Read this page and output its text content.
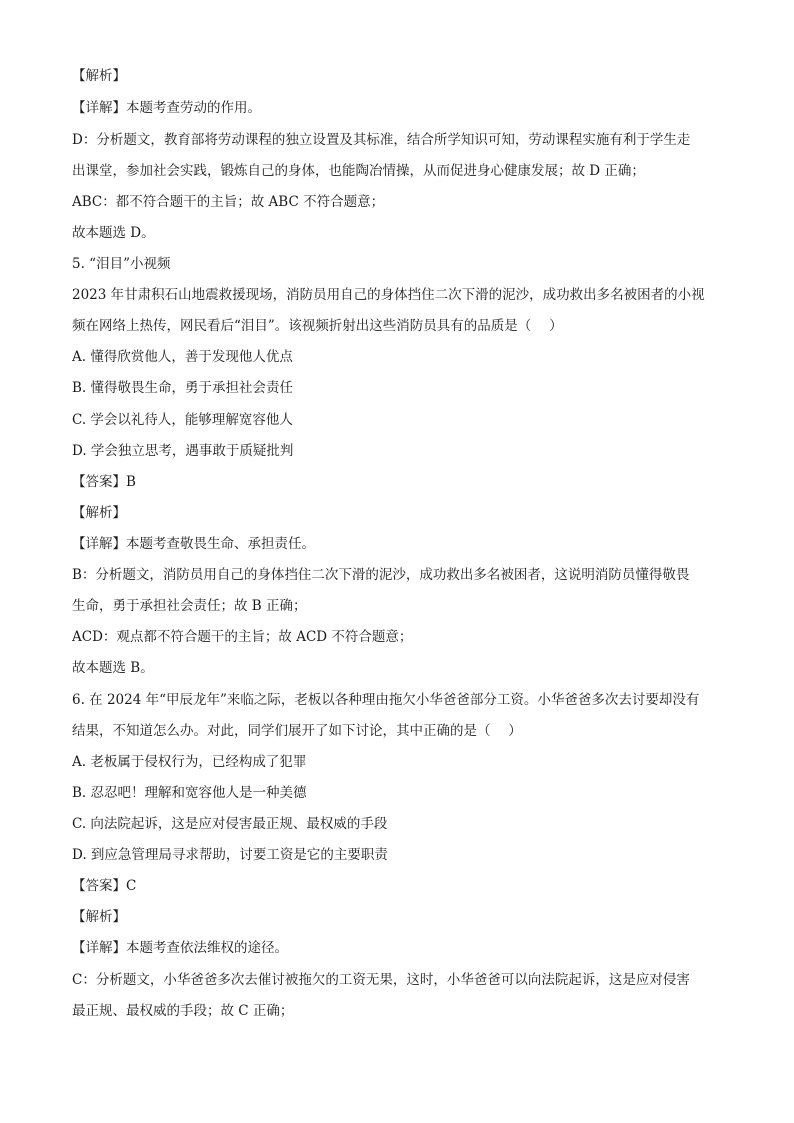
【解析】
【详解】本题考查劳动的作用。
D：分析题文，教育部将劳动课程的独立设置及其标准，结合所学知识可知，劳动课程实施有利于学生走
出课堂，参加社会实践，锻炼自己的身体，也能陶冶情操，从而促进身心健康发展；故 D 正确；
ABC：都不符合题干的主旨；故 ABC 不符合题意；
故本题选 D。
5. “泪目”小视频
2023 年甘肃积石山地震救援现场，消防员用自己的身体挡住二次下滑的泥沙，成功救出多名被困者的小视
频在网络上热传，网民看后“泪目”。该视频折射出这些消防员具有的品质是（　 ）
A. 懂得欣赏他人，善于发现他人优点
B. 懂得敬畏生命，勇于承担社会责任
C. 学会以礼待人，能够理解宽容他人
D. 学会独立思考，遇事敢于质疑批判
【答案】B
【解析】
【详解】本题考查敬畏生命、承担责任。
B：分析题文，消防员用自己的身体挡住二次下滑的泥沙，成功救出多名被困者，这说明消防员懂得敬畏
生命，勇于承担社会责任；故 B 正确；
ACD：观点都不符合题干的主旨；故 ACD 不符合题意；
故本题选 B。
6. 在 2024 年“甲辰龙年”来临之际，老板以各种理由拖欠小华爸爸部分工资。小华爸爸多次去讨要却没有
结果，不知道怎么办。对此，同学们展开了如下讨论，其中正确的是（　 ）
A. 老板属于侵权行为，已经构成了犯罪
B. 忍忍吧！理解和宽容他人是一种美德
C. 向法院起诉，这是应对侵害最正规、最权威的手段
D. 到应急管理局寻求帮助，讨要工资是它的主要职责
【答案】C
【解析】
【详解】本题考查依法维权的途径。
C：分析题文，小华爸爸多次去催讨被拖欠的工资无果，这时，小华爸爸可以向法院起诉，这是应对侵害
最正规、最权威的手段；故 C 正确；
